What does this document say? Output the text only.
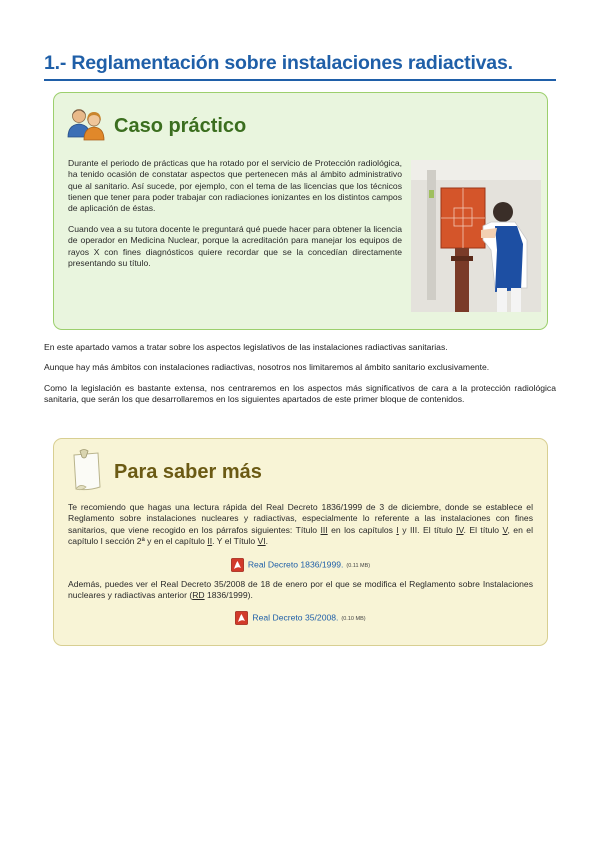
1.- Reglamentación sobre instalaciones radiactivas.
Caso práctico

Durante el periodo de prácticas que ha rotado por el servicio de Protección radiológica, ha tenido ocasión de constatar aspectos que pertenecen más al ámbito administrativo que al sanitario. Así sucede, por ejemplo, con el tema de las licencias que los técnicos tienen que tener para poder trabajar con radiaciones ionizantes en los distintos campos de aplicación de éstas.

Cuando vea a su tutora docente le preguntará qué puede hacer para obtener la licencia de operador en Medicina Nuclear, porque la acreditación para manejar los equipos de rayos X con fines diagnósticos quiere recordar que se la concedían directamente presentando su título.

En este apartado vamos a tratar sobre los aspectos legislativos de las instalaciones radiactivas sanitarias.

Aunque hay más ámbitos con instalaciones radiactivas, nosotros nos limitaremos al ámbito sanitario exclusivamente.

Como la legislación es bastante extensa, nos centraremos en los aspectos más significativos de cara a la protección radiológica sanitaria, que serán los que desarrollaremos en los siguientes apartados de este primer bloque de contenidos.

Para saber más

Te recomiendo que hagas una lectura rápida del Real Decreto 1836/1999 de 3 de diciembre, donde se establece el Reglamento sobre instalaciones nucleares y radiactivas, especialmente lo referente a las instalaciones con fines sanitarios, que viene recogido en los párrafos siguientes: Título III en los capítulos I y III. El título IV. El título V, en el capítulo I sección 2ª y en el capítulo II. Y el Título VI.

Real Decreto 1836/1999. (0.11 MB)

Además, puedes ver el Real Decreto 35/2008 de 18 de enero por el que se modifica el Reglamento sobre Instalaciones nucleares y radiactivas anterior (RD 1836/1999).

Real Decreto 35/2008. (0.10 MB)
